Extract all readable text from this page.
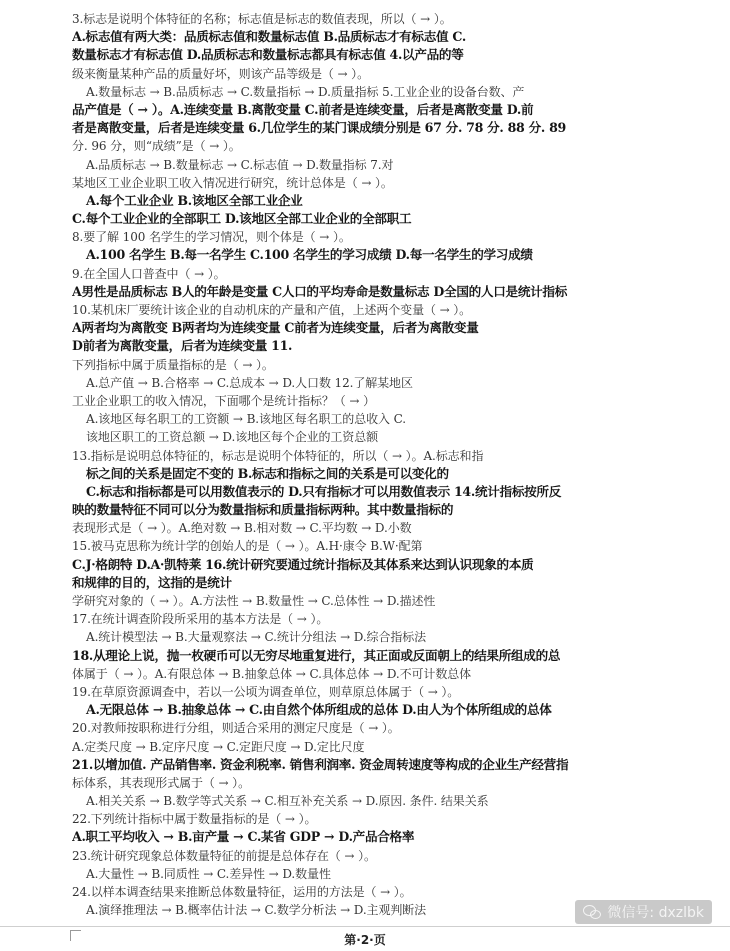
3.标志是说明个体特征的名称；标志值是标志的数值表现，所以（ → ）。
A.标志值有两大类：品质标志值和数量标志值 B.品质标志才有标志值 C.
数量标志才有标志值 D.品质标志和数量标志都具有标志值 4.以产品的等
级来衡量某种产品的质量好坏，则该产品等级是（ → ）。
A.数量标志 → B.品质标志 → C.数量指标 → D.质量指标 5.工业企业的设备台数、产
品产值是（ → ）。A.连续变量 B.离散变量 C.前者是连续变量，后者是离散变量 D.前
者是离散变量，后者是连续变量 6.几位学生的某门课成绩分别是 67 分. 78 分. 88 分. 89
分. 96 分，则“成绩”是（ → ）。
A.品质标志 → B.数量标志 → C.标志值 → D.数量指标 7.对
某地区工业企业职工收入情况进行研究，统计总体是（ → ）。
A.每个工业企业 B.该地区全部工业企业
C.每个工业企业的全部职工 D.该地区全部工业企业的全部职工
8.要了解 100 名学生的学习情况，则个体是（ → ）。
A.100 名学生 B.每一名学生 C.100 名学生的学习成绩 D.每一名学生的学习成绩
9.在全国人口普查中（ → ）。
A男性是品质标志 B人的年龄是变量 C人口的平均寿命是数量标志 D全国的人口是统计指标
10.某机床厂要统计该企业的自动机床的产量和产值，上述两个变量（ → ）。
A两者均为离散变 B两者均为连续变量 C前者为连续变量，后者为离散变量
D前者为离散变量，后者为连续变量 11.
下列指标中属于质量指标的是（ → ）。
A.总产值 → B.合格率 → C.总成本 → D.人口数 12.了解某地区
工业企业职工的收入情况，下面哪个是统计指标？（ → ）
A.该地区每名职工的工资额 → B.该地区每名职工的总收入 C.
该地区职工的工资总额 → D.该地区每个企业的工资总额
13.指标是说明总体特征的，标志是说明个体特征的，所以（ → ）。A.标志和指
标之间的关系是固定不变的 B.标志和指标之间的关系是可以变化的
C.标志和指标都是可以用数值表示的 D.只有指标才可以用数值表示 14.统计指标按所反
映的数量特征不同可以分为数量指标和质量指标两种。其中数量指标的
表现形式是（ → ）。A.绝对数 → B.相对数 → C.平均数 → D.小数
15.被马克思称为统计学的创始人的是（ → ）。A.H·康令 B.W·配第
C.J·格朗特 D.A·凯特莱 16.统计研究要通过统计指标及其体系来达到认识现象的本质
和规律的目的，这指的是统计
学研究对象的（ → ）。A.方法性 → B.数量性 → C.总体性 → D.描述性
17.在统计调查阶段所采用的基本方法是（ → ）。
A.统计模型法 → B.大量观察法 → C.统计分组法 → D.综合指标法
18.从理论上说，抛一枚硬币可以无穷尽地重复进行，其正面或反面朝上的结果所组成的总
体属于（ → ）。A.有限总体 → B.抽象总体 → C.具体总体 → D.不可计数总体
19.在草原资源调查中，若以一公顷为调查单位，则草原总体属于（ → ）。
A.无限总体 → B.抽象总体 → C.由自然个体所组成的总体 D.由人为个体所组成的总体
20.对教师按职称进行分组，则适合采用的测定尺度是（ → ）。
A.定类尺度 → B.定序尺度 → C.定距尺度 → D.定比尺度
21.以增加值. 产品销售率. 资金利税率. 销售利润率. 资金周转速度等构成的企业生产经营指
标体系，其表现形式属于（ → ）。
A.相关关系 → B.数学等式关系 → C.相互补充关系 → D.原因. 条件. 结果关系
22.下列统计指标中属于数量指标的是（ → ）。
A.职工平均收入 → B.亩产量 → C.某省 GDP → D.产品合格率
23.统计研究现象总体数量特征的前提是总体存在（ → ）。
A.大量性 → B.同质性 → C.差异性 → D.数量性
24.以样本调查结果来推断总体数量特征，运用的方法是（ → ）。
A.演绎推理法 → B.概率估计法 → C.数学分析法 → D.主观判断法
第·2·页
微信号: dxzlbk
